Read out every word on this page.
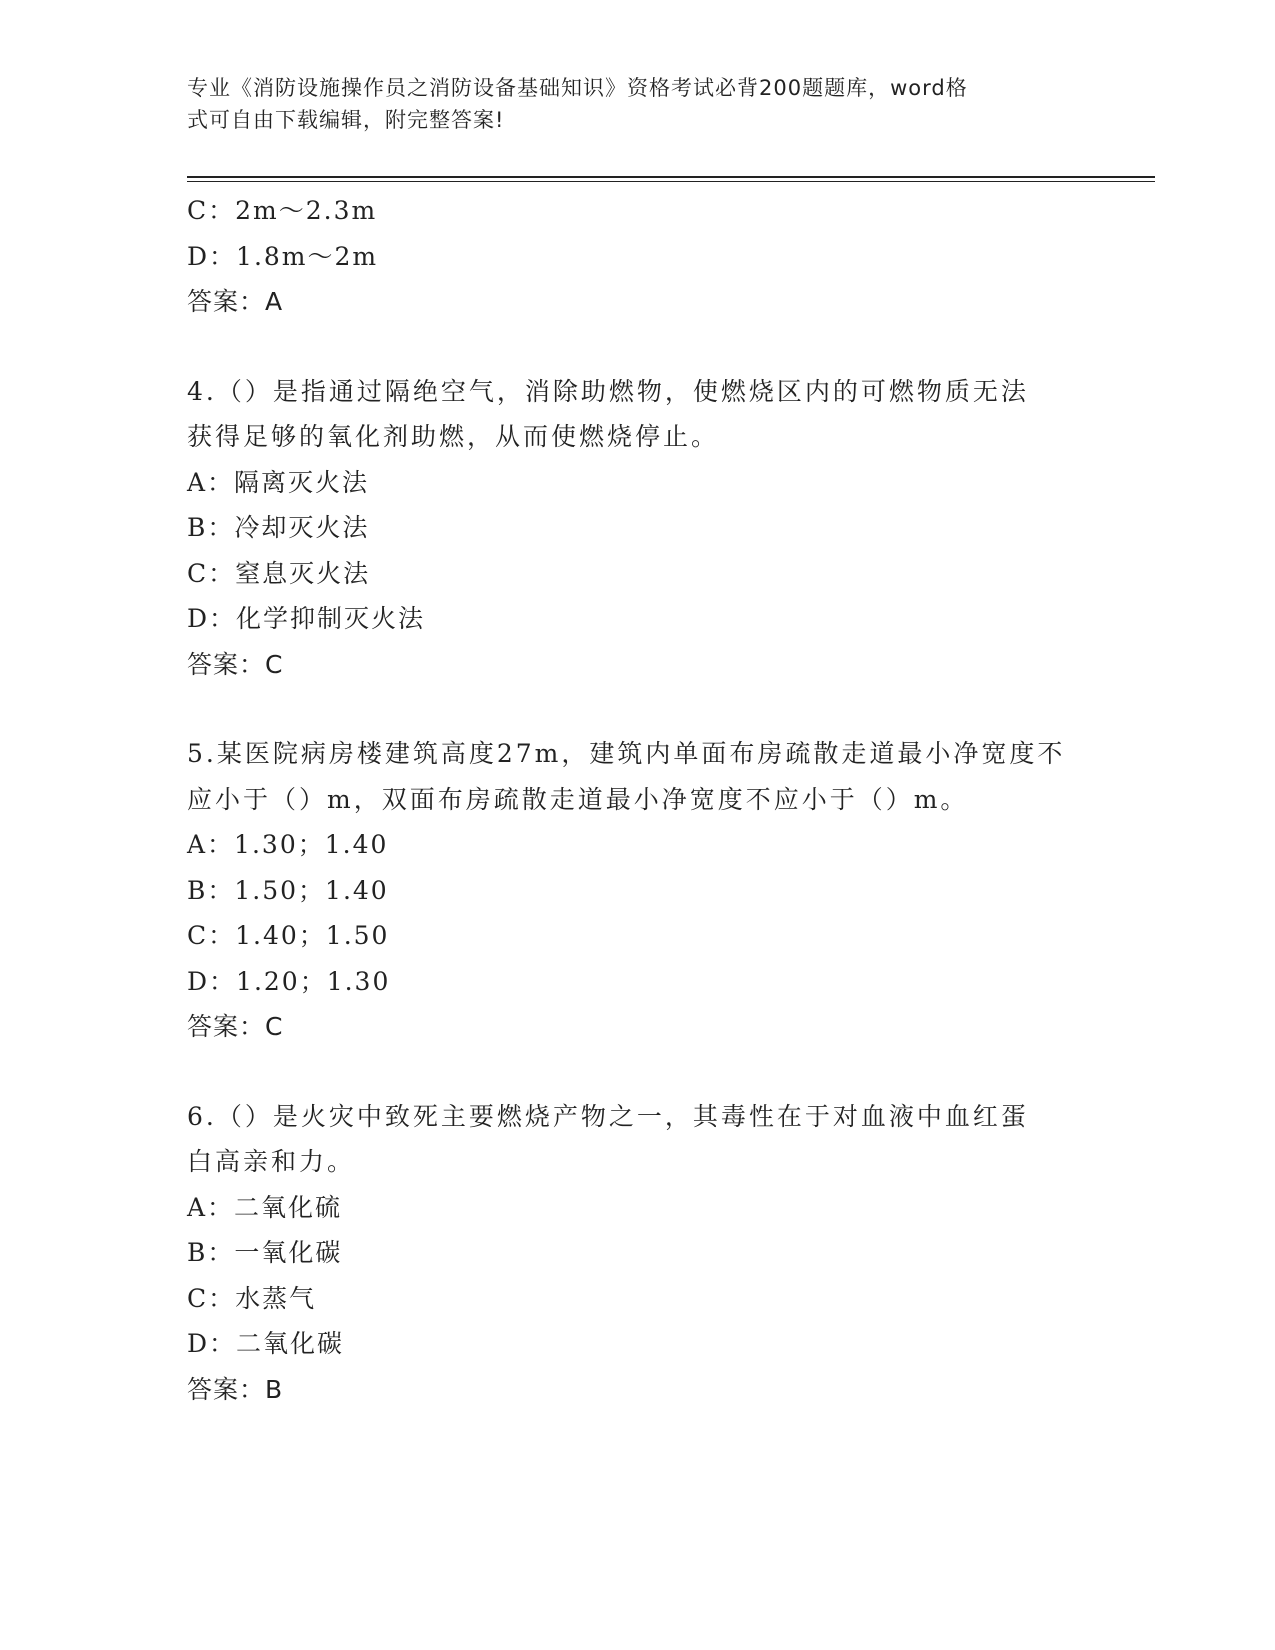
专业《消防设施操作员之消防设备基础知识》资格考试必背200题题库，word格
式可自由下载编辑，附完整答案!
C：2m～2.3m
D：1.8m～2m
答案：A
4.（）是指通过隔绝空气，消除助燃物，使燃烧区内的可燃物质无法
获得足够的氧化剂助燃，从而使燃烧停止。
A：隔离灭火法
B：冷却灭火法
C：窒息灭火法
D：化学抑制灭火法
答案：C
5.某医院病房楼建筑高度27m，建筑内单面布房疏散走道最小净宽度不
应小于（）m，双面布房疏散走道最小净宽度不应小于（）m。
A：1.30；1.40
B：1.50；1.40
C：1.40；1.50
D：1.20；1.30
答案：C
6.（）是火灾中致死主要燃烧产物之一，其毒性在于对血液中血红蛋
白高亲和力。
A：二氧化硫
B：一氧化碳
C：水蒸气
D：二氧化碳
答案：B
